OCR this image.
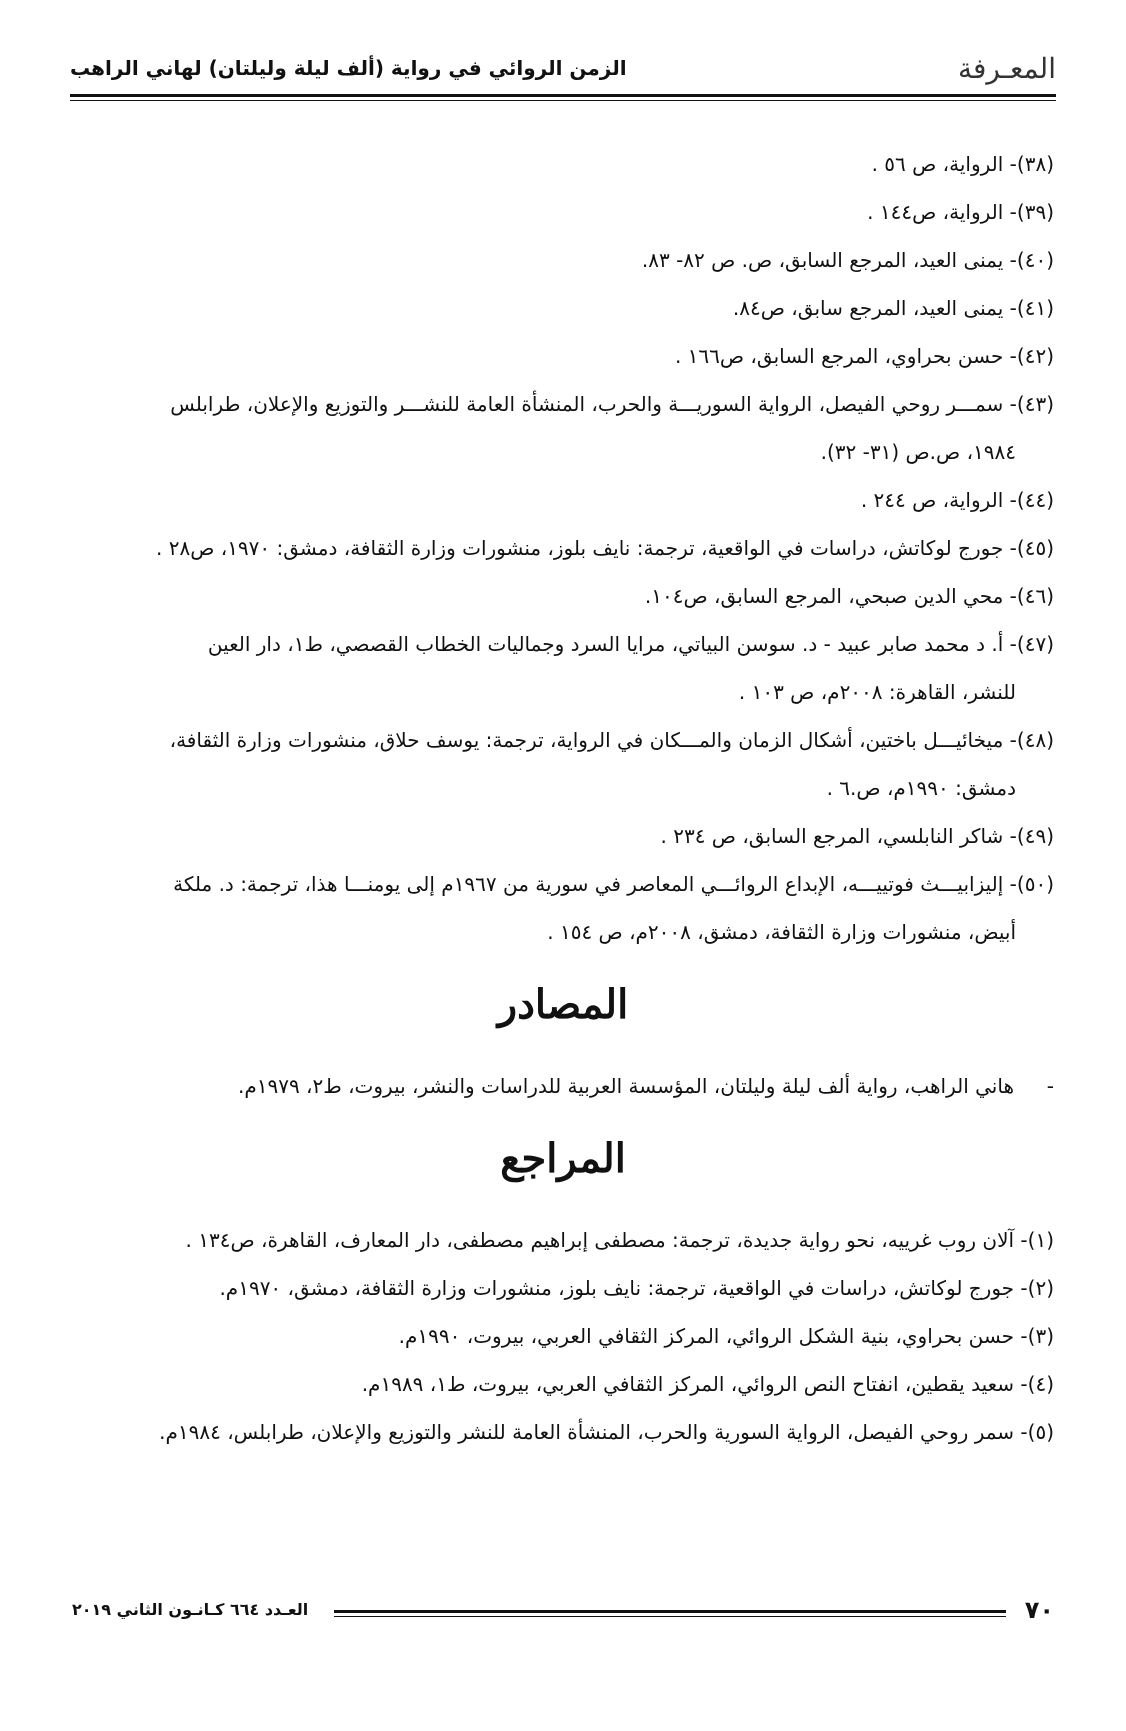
المعـرفة
الزمن الروائي في رواية (ألف ليلة وليلتان) لهاني الراهب

(٣٨)- الرواية، ص ٥٦ .

(٣٩)- الرواية، ص١٤٤ .

(٤٠)- يمنى العيد، المرجع السابق، ص. ص ٨٢- ٨٣.

(٤١)- يمنى العيد، المرجع سابق، ص٨٤.

(٤٢)- حسن بحراوي، المرجع السابق، ص١٦٦ .

(٤٣)- سمـــر روحي الفيصل، الرواية السوريـــة والحرب، المنشأة العامة للنشـــر والتوزيع والإعلان، طرابلس

١٩٨٤، ص.ص (٣١- ٣٢).

(٤٤)- الرواية، ص ٢٤٤ .

(٤٥)- جورج لوكاتش، دراسات في الواقعية، ترجمة: نايف بلوز، منشورات وزارة الثقافة، دمشق: ١٩٧٠، ص٢٨ .

(٤٦)- محي الدين صبحي، المرجع السابق، ص١٠٤.

(٤٧)- أ. د محمد صابر عبيد - د. سوسن البياتي، مرايا السرد وجماليات الخطاب القصصي، ط١، دار العين

للنشر، القاهرة: ٢٠٠٨م، ص ١٠٣ .

(٤٨)- ميخائيـــل باختين، أشكال الزمان والمـــكان في الرواية، ترجمة: يوسف حلاق، منشورات وزارة الثقافة،

دمشق: ١٩٩٠م، ص.٦ .

(٤٩)- شاكر النابلسي، المرجع السابق، ص ٢٣٤ .

(٥٠)- إليزابيـــث فوتييـــه، الإبداع الروائـــي المعاصر في سورية من ١٩٦٧م إلى يومنـــا هذا، ترجمة: د. ملكة

أبيض، منشورات وزارة الثقافة، دمشق، ٢٠٠٨م، ص ١٥٤ .

المصادر

-هاني الراهب، رواية ألف ليلة وليلتان، المؤسسة العربية للدراسات والنشر، بيروت، ط٢، ١٩٧٩م.

المراجع

(١)- آلان روب غرييه، نحو رواية جديدة، ترجمة: مصطفى إبراهيم مصطفى، دار المعارف، القاهرة، ص١٣٤ .

(٢)- جورج لوكاتش، دراسات في الواقعية، ترجمة: نايف بلوز، منشورات وزارة الثقافة، دمشق، ١٩٧٠م.

(٣)- حسن بحراوي، بنية الشكل الروائي، المركز الثقافي العربي، بيروت، ١٩٩٠م.

(٤)- سعيد يقطين، انفتاح النص الروائي، المركز الثقافي العربي، بيروت، ط١، ١٩٨٩م.

(٥)- سمر روحي الفيصل، الرواية السورية والحرب، المنشأة العامة للنشر والتوزيع والإعلان، طرابلس، ١٩٨٤م.

٧٠
العـدد ٦٦٤ كـانـون الثاني ٢٠١٩
